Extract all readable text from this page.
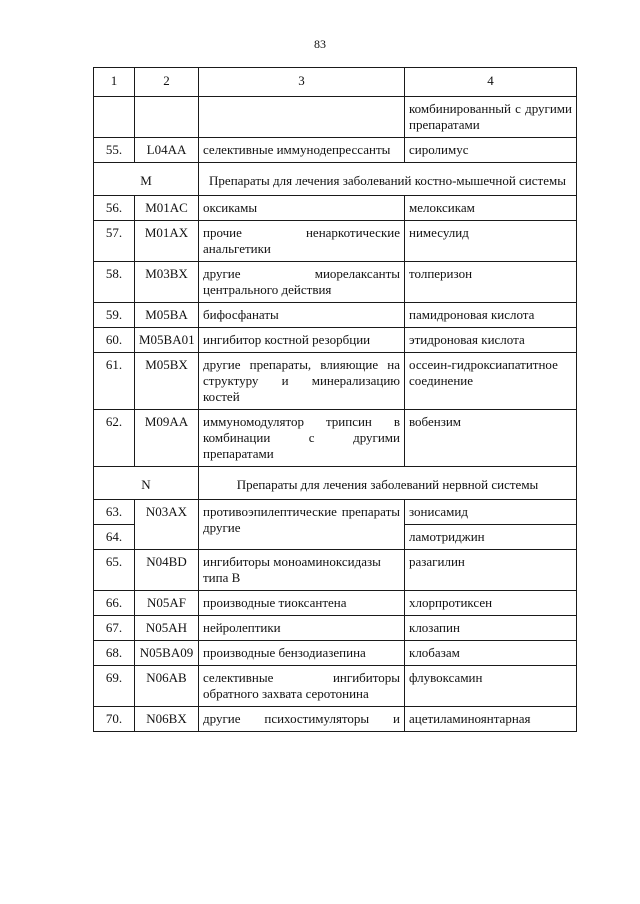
83
1	2	3	4
			комбинированный с другими препаратами
55.	L04AA	селективные иммунодепрессанты	сиролимус
M		Препараты для лечения заболеваний костно-мышечной системы	
56.	M01AC	оксикамы	мелоксикам
57.	M01AX	прочие ненаркотические анальгетики	нимесулид
58.	M03BX	другие миорелаксанты центрального действия	толперизон
59.	M05BA	бифосфанаты	памидроновая кислота
60.	M05BA01	ингибитор костной резорбции	этидроновая кислота
61.	M05BX	другие препараты, влияющие на структуру и минерализацию костей	оссеин-гидроксиапатитное соединение
62.	M09AA	иммуномодулятор трипсин в комбинации с другими препаратами	вобензим
N		Препараты для лечения заболеваний нервной системы	
63.	N03AX	противоэпилептические препараты другие	зонисамид
64.			ламотриджин
65.	N04BD	ингибиторы моноаминоксидазы типа B	разагилин
66.	N05AF	производные тиоксантена	хлорпротиксен
67.	N05AH	нейролептики	клозапин
68.	N05BA09	производные бензодиазепина	клобазам
69.	N06AB	селективные ингибиторы обратного захвата серотонина	флувоксамин
70.	N06BX	другие психостимуляторы и	ацетиламиноянтарная
